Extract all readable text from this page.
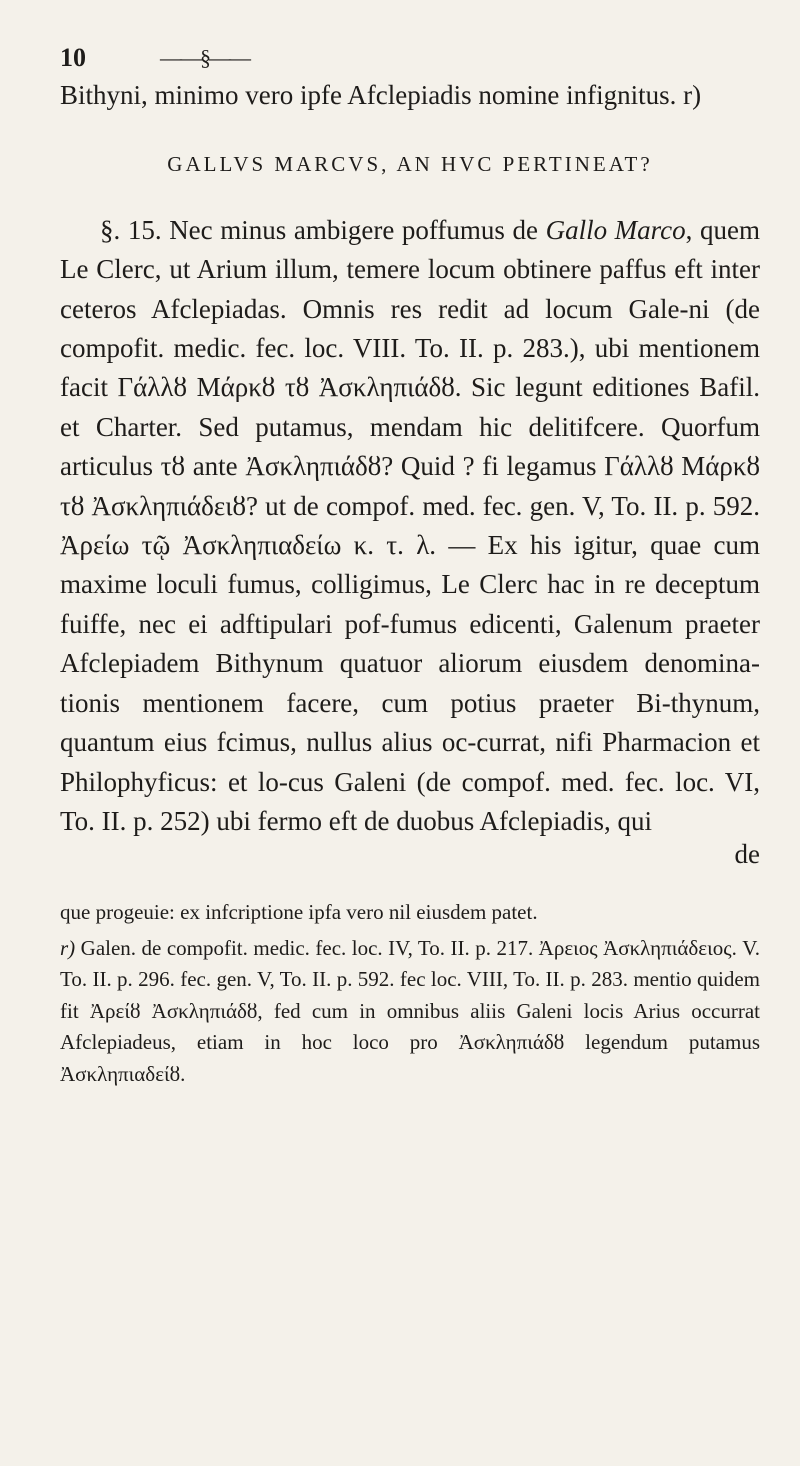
10	——§——

Bithyni, minimo vero ipfe Afclepiadis nomine infignitus. r)

GALLVS MARCVS, AN HVC PERTINEAT?

§. 15. Nec minus ambigere poffumus de Gallo Marco, quem Le Clerc, ut Arium illum, temere locum obtinere paffus eft inter ceteros Afclepiadas. Omnis res redit ad locum Gale-ni (de compofit. medic. fec. loc. VIII. To. II. p. 283.), ubi mentionem facit Γάλλȣ Μάρκȣ τȣ Ἀσκληπιάδȣ. Sic legunt editiones Bafil. et Charter. Sed putamus, mendam hic delitifcere. Quorfum articulus τȣ ante Ἀσκληπιάδȣ? Quid ? fi legamus Γάλλȣ Μάρκȣ τȣ Ἀσκληπιάδειȣ? ut de compof. med. fec. gen. V, To. II. p. 592. Ἀρείω τῷ Ἀσκληπιαδείω κ. τ. λ. — Ex his igitur, quae cum maxime loculi fumus, colligimus, Le Clerc hac in re deceptum fuiffe, nec ei adftipulari pof-fumus edicenti, Galenum praeter Afclepiadem Bithynum quatuor aliorum eiusdem denomina-tionis mentionem facere, cum potius praeter Bi-thynum, quantum eius fcimus, nullus alius oc-currat, nifi Pharmacion et Philophyficus: et lo-cus Galeni (de compof. med. fec. loc. VI, To. II. p. 252) ubi fermo eft de duobus Afclepiadis, qui

de

que progeuie: ex infcriptione ipfa vero nil eiusdem patet.

r) Galen. de compofit. medic. fec. loc. IV, To. II. p. 217. Ἀρειος Ἀσκληπιάδειος. V. To. II. p. 296. fec. gen. V, To. II. p. 592. fec loc. VIII, To. II. p. 283. mentio quidem fit Ἀρείȣ Ἀσκληπιάδȣ, fed cum in omnibus aliis Galeni locis Arius occurrat Afclepiadeus, etiam in hoc loco pro Ἀσκληπιάδȣ legendum putamus Ἀσκληπιαδείȣ.
